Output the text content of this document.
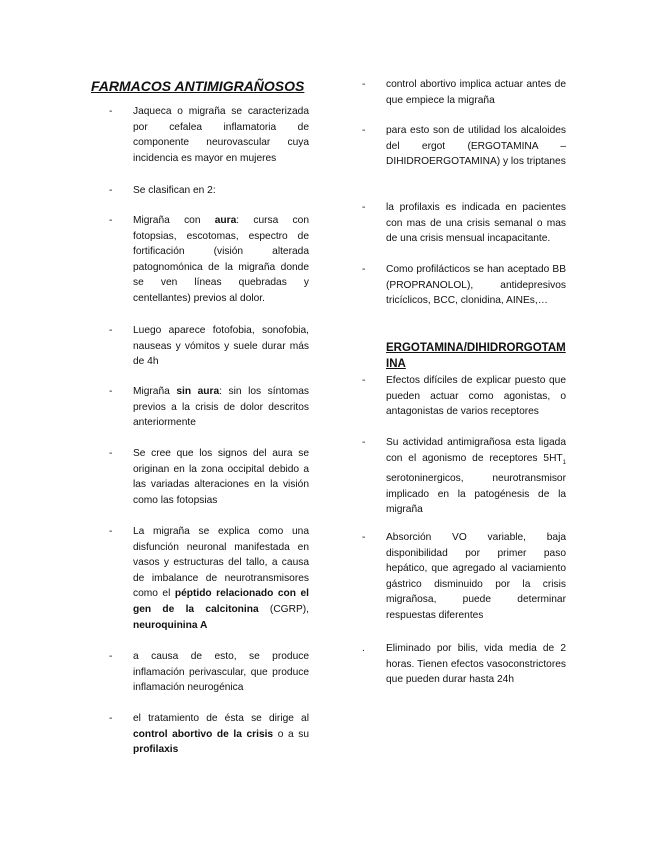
FARMACOS ANTIMIGRAÑOSOS
-	Jaqueca o migraña se caracterizada por cefalea inflamatoria de componente neurovascular cuya incidencia es mayor en mujeres
-	Se clasifican en 2:
-	Migraña con aura: cursa con fotopsias, escotomas, espectro de fortificación (visión alterada patognomónica de la migraña donde se ven líneas quebradas y centellantes) previos al dolor.
-	Luego aparece fotofobia, sonofobia, nauseas y vómitos y suele durar más de 4h
-	Migraña sin aura: sin los síntomas previos a la crisis de dolor descritos anteriormente
-	Se cree que los signos del aura se originan en la zona occipital debido a las variadas alteraciones en la visión como las fotopsias
-	La migraña se explica como una disfunción neuronal manifestada en vasos y estructuras del tallo, a causa de imbalance de neurotransmisores como el péptido relacionado con el gen de la calcitonina (CGRP), neuroquinina A
-	a causa de esto, se produce inflamación perivascular, que produce inflamación neurogénica
-	el tratamiento de ésta se dirige al control abortivo de la crisis o a su profilaxis
-	control abortivo implica actuar antes de que empiece la migraña
-	para esto son de utilidad los alcaloides del ergot (ERGOTAMINA – DIHIDROERGOTAMINA) y los triptanes
-	la profilaxis es indicada en pacientes con mas de una crisis semanal o mas de una crisis mensual incapacitante.
-	Como profilácticos se han aceptado BB (PROPRANOLOL), antidepresivos tricíclicos, BCC, clonidina, AINEs,…
ERGOTAMINA/DIHIDRORGOTAMINA
-	Efectos difíciles de explicar puesto que pueden actuar como agonistas, o antagonistas de varios receptores
-	Su actividad antimigrañosa esta ligada con el agonismo de receptores $5HT_1$ serotoninergicos, neurotransmisor implicado en la patogénesis de la migraña
-	Absorción VO variable, baja disponibilidad por primer paso hepático, que agregado al vaciamiento gástrico disminuido por la crisis migrañosa, puede determinar respuestas diferentes
.	Eliminado por bilis, vida media de 2 horas. Tienen efectos vasoconstrictores que pueden durar hasta 24h
